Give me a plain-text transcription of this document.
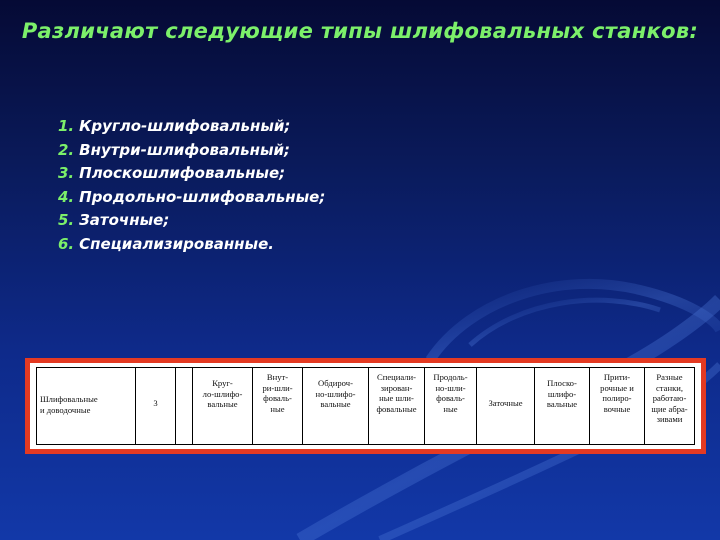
Различают следующие типы шлифовальных станков:
1. Кругло-шлифовальный;
2. Внутри-шлифовальный;
3. Плоскошлифовальные;
4. Продольно-шлифовальные;
5. Заточные;
6. Специализированные.
Шлифовальные
и доводочные
3
Круг-
ло-шлифо-
вальные
Внут-
ри-шли-
фоваль-
ные
Обдироч-
но-шлифо-
вальные
Специали-
зирован-
ные шли-
фовальные
Продоль-
но-шли-
фоваль-
ные
Заточные
Плоско-
шлифо-
вальные
Прити-
рочные и
полиро-
вочные
Разные
станки,
работаю-
щие абра-
зивами
